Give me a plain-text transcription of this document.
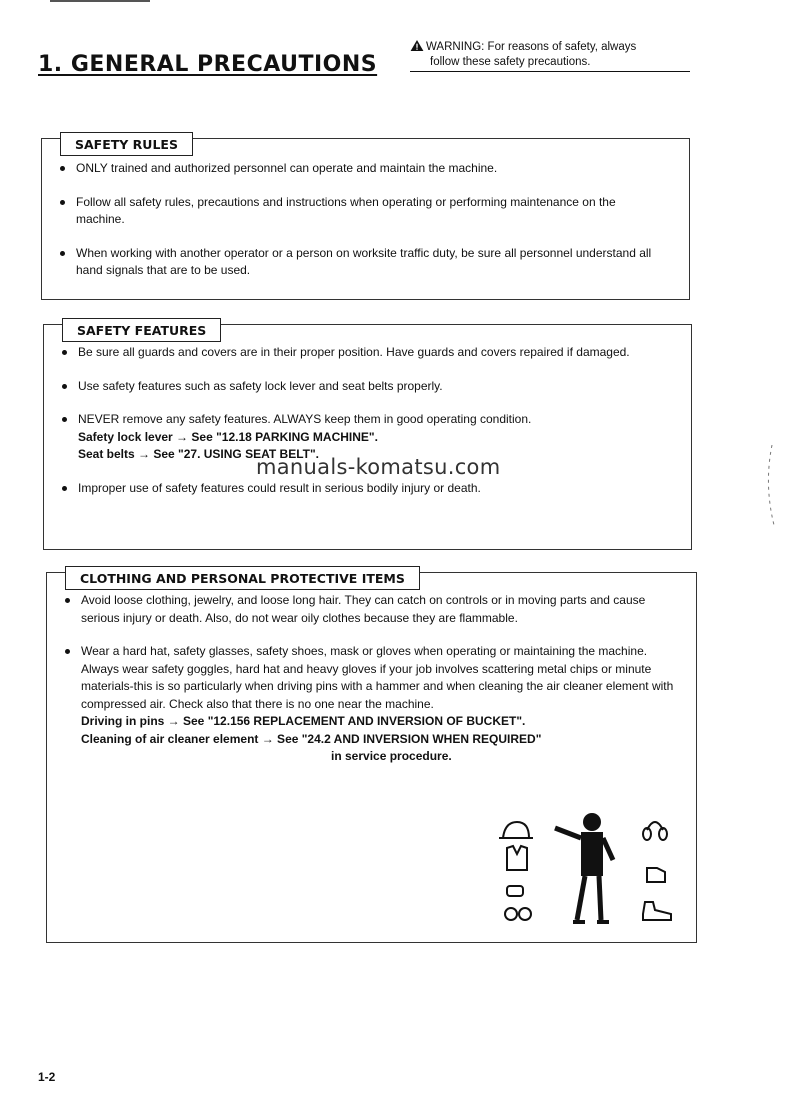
1. GENERAL PRECAUTIONS
WARNING: For reasons of safety, always
follow these safety precautions.
SAFETY RULES
ONLY trained and authorized personnel can operate and maintain the machine.
Follow all safety rules, precautions and instructions when operating or performing maintenance on the machine.
When working with another operator or a person on worksite traffic duty, be sure all personnel understand all hand signals that are to be used.
SAFETY FEATURES
Be sure all guards and covers are in their proper position. Have guards and covers repaired if damaged.
Use safety features such as safety lock lever and seat belts properly.
NEVER remove any safety features. ALWAYS keep them in good operating condition.
Safety lock lever → See "12.18 PARKING MACHINE".
Seat belts → See "27. USING SEAT BELT".
Improper use of safety features could result in serious bodily injury or death.
manuals-komatsu.com
CLOTHING AND PERSONAL PROTECTIVE ITEMS
Avoid loose clothing, jewelry, and loose long hair. They can catch on controls or in moving parts and cause serious injury or death. Also, do not wear oily clothes because they are flammable.
Wear a hard hat, safety glasses, safety shoes, mask or gloves when operating or maintaining the machine. Always wear safety goggles, hard hat and heavy gloves if your job involves scattering metal chips or minute materials-this is so particularly when driving pins with a hammer and when cleaning the air cleaner element with compressed air. Check also that there is no one near the machine.
Driving in pins → See "12.156 REPLACEMENT AND INVERSION OF BUCKET".
Cleaning of air cleaner element → See "24.2 AND INVERSION WHEN REQUIRED"
in service procedure.
1-2
